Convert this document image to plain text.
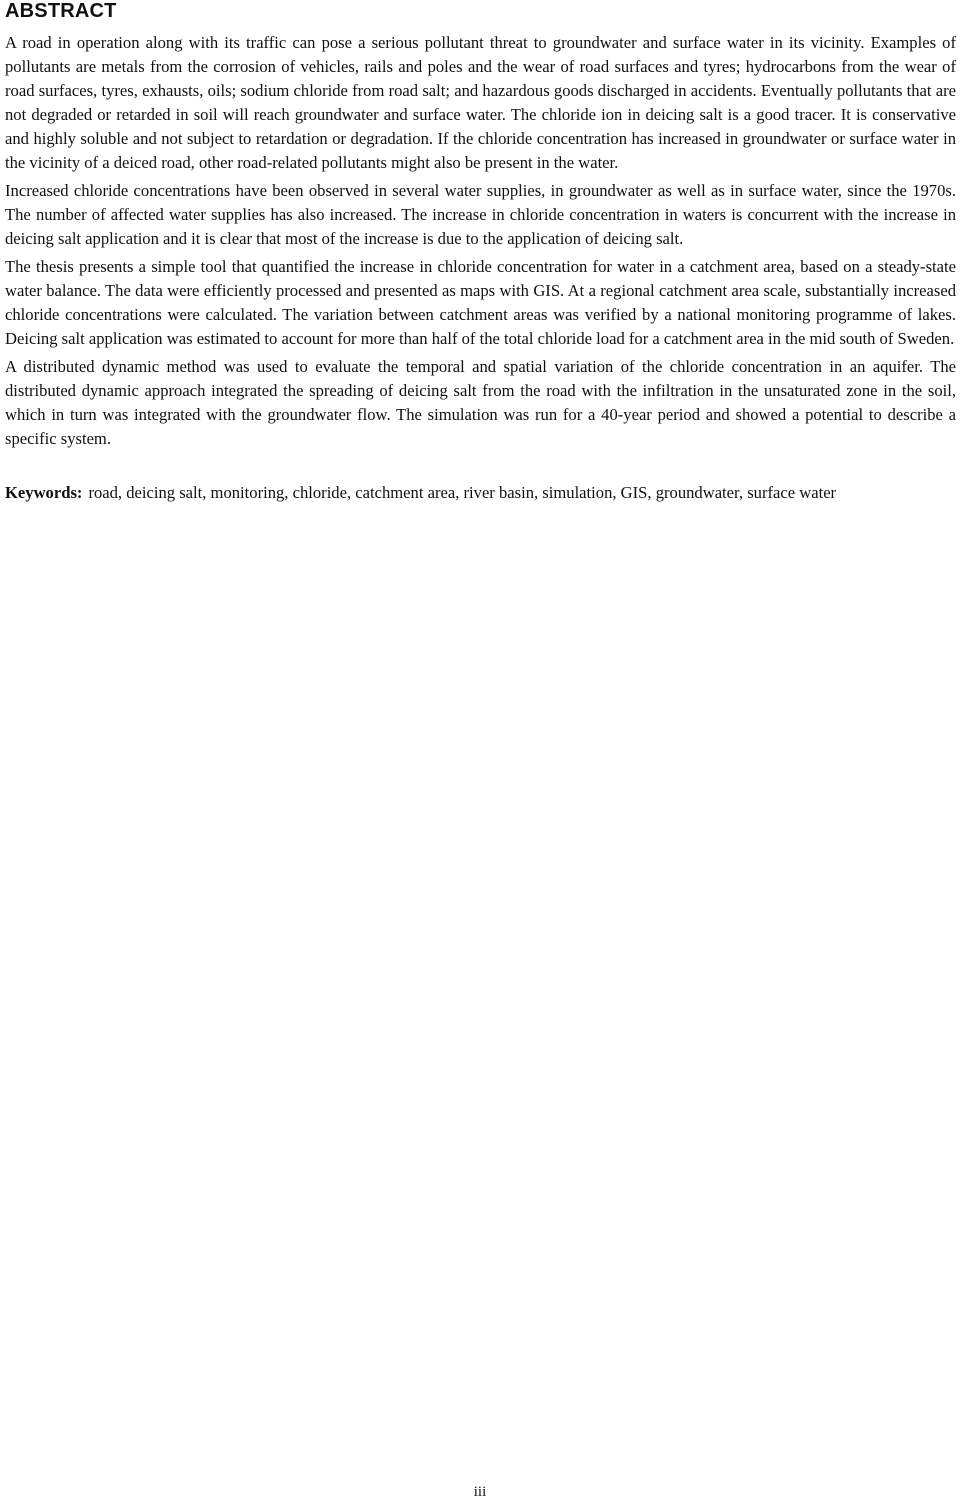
ABSTRACT

A road in operation along with its traffic can pose a serious pollutant threat to groundwater and surface water in its vicinity. Examples of pollutants are metals from the corrosion of vehicles, rails and poles and the wear of road surfaces and tyres; hydrocarbons from the wear of road surfaces, tyres, exhausts, oils; sodium chloride from road salt; and hazardous goods discharged in accidents. Eventually pollutants that are not degraded or retarded in soil will reach groundwater and surface water. The chloride ion in deicing salt is a good tracer. It is conservative and highly soluble and not subject to retardation or degradation. If the chloride concentration has increased in groundwater or surface water in the vicinity of a deiced road, other road-related pollutants might also be present in the water.

Increased chloride concentrations have been observed in several water supplies, in groundwater as well as in surface water, since the 1970s. The number of affected water supplies has also increased. The increase in chloride concentration in waters is concurrent with the increase in deicing salt application and it is clear that most of the increase is due to the application of deicing salt.

The thesis presents a simple tool that quantified the increase in chloride concentration for water in a catchment area, based on a steady-state water balance. The data were efficiently processed and presented as maps with GIS. At a regional catchment area scale, substantially increased chloride concentrations were calculated. The variation between catchment areas was verified by a national monitoring programme of lakes. Deicing salt application was estimated to account for more than half of the total chloride load for a catchment area in the mid south of Sweden.

A distributed dynamic method was used to evaluate the temporal and spatial variation of the chloride concentration in an aquifer. The distributed dynamic approach integrated the spreading of deicing salt from the road with the infiltration in the unsaturated zone in the soil, which in turn was integrated with the groundwater flow. The simulation was run for a 40-year period and showed a potential to describe a specific system.

Keywords: road, deicing salt, monitoring, chloride, catchment area, river basin, simulation, GIS, groundwater, surface water
iii
